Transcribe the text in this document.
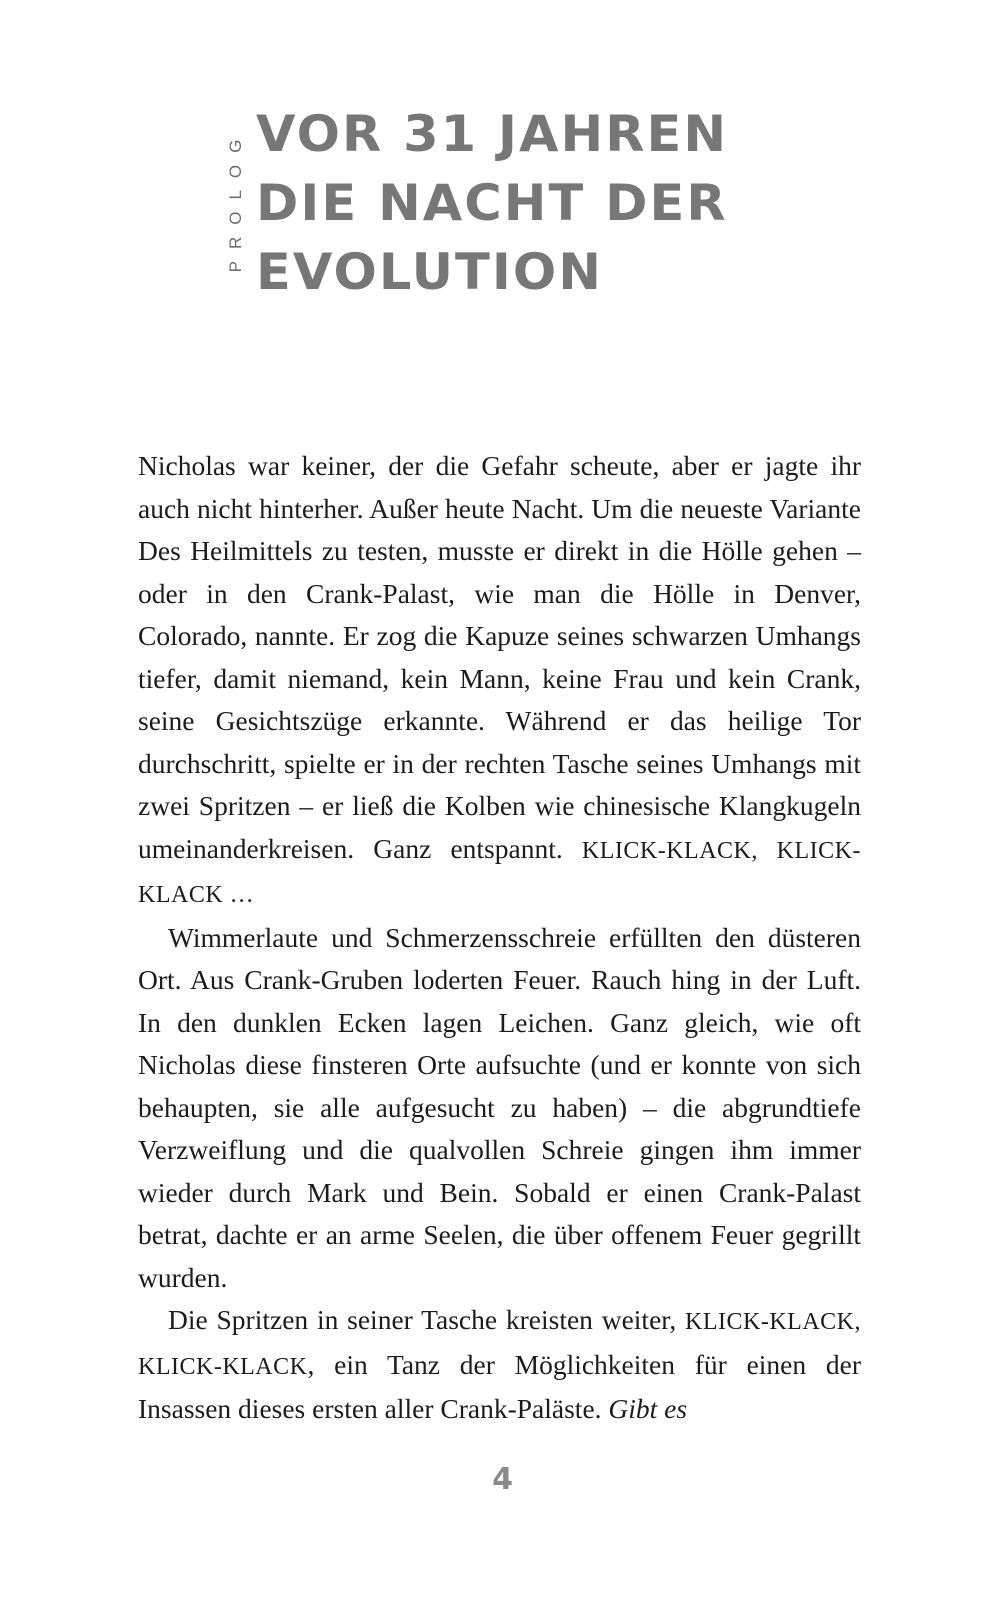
PROLOG VOR 31 JAHREN
DIE NACHT DER
EVOLUTION

Nicholas war keiner, der die Gefahr scheute, aber er jagte ihr auch nicht hinterher. Außer heute Nacht. Um die neueste Variante Des Heilmittels zu testen, musste er direkt in die Hölle gehen – oder in den Crank-Palast, wie man die Hölle in Denver, Colorado, nannte. Er zog die Kapuze seines schwarzen Umhangs tiefer, damit niemand, kein Mann, keine Frau und kein Crank, seine Gesichtszüge erkannte. Während er das heilige Tor durchschritt, spielte er in der rechten Tasche seines Umhangs mit zwei Spritzen – er ließ die Kolben wie chinesische Klangkugeln umeinanderkreisen. Ganz entspannt. KLICK-KLACK, KLICK-KLACK …

Wimmerlaute und Schmerzensschreie erfüllten den düsteren Ort. Aus Crank-Gruben loderten Feuer. Rauch hing in der Luft. In den dunklen Ecken lagen Leichen. Ganz gleich, wie oft Nicholas diese finsteren Orte aufsuchte (und er konnte von sich behaupten, sie alle aufgesucht zu haben) – die abgrundtiefe Verzweiflung und die qualvollen Schreie gingen ihm immer wieder durch Mark und Bein. Sobald er einen Crank-Palast betrat, dachte er an arme Seelen, die über offenem Feuer gegrillt wurden.

Die Spritzen in seiner Tasche kreisten weiter, KLICK-KLACK, KLICK-KLACK, ein Tanz der Möglichkeiten für einen der Insassen dieses ersten aller Crank-Paläste. Gibt es

4
